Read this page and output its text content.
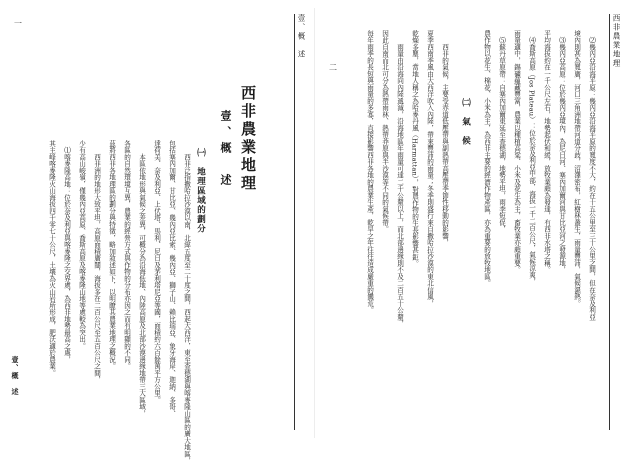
壹、概　述
一
西非農業地理
壹、概　述
㈠　地理區域的劃分
　　西非泛指撒哈拉沙漠以南，北緯五度至二十度之間，西起大西洋，東至查德湖與喀麥隆山區的廣大地區，
包括塞內加爾、甘比亞、幾內亞比索、幾內亞、獅子山、賴比瑞亞、象牙海岸、迦納、多哥、
達荷美、奈及利亞、上伏塔、馬利、尼日及茅利塔尼亞等國，面積約六百餘萬平方公里。
　　本區依地形與氣候之差異，可概分為沿海低地、內陸高原及北部沙漠邊緣地帶三大區域，
各區的自然環境互異，農業的經營方式與作物的分布亦因之而有明顯的不同。
茲將西非各地理區的劃分與特徵，略加敘述如下，以明瞭其農業地理之概況。
　　西非洲的地形大致平坦，高原面積廣闊，海拔多在二百公尺至五百公尺之間，
少有高山峻嶺，僅幾內亞高原、喬斯高原及喀麥隆山地等處較為突出。
　⑴喀麥隆高地：位於奈及利亞與喀麥隆之交界處，為西非地勢最高之處，
其主峰喀麥隆火山海拔四千零七十公尺，土壤為火山岩所形成，肥沃適於農業。
壹、概　述
西非農業地理
二	　⑵幾內亞沿海平原：幾內亞沿海平原的寬度不大，約在十五公里至三十公里之間，但在奈及利亞
境內則甚為寬廣，河口三角洲地帶河道分歧，沼澤密布，紅樹林叢生，雨量豐沛，氣候濕熱。
　⑶幾內亞高原：位於幾內亞境內，為尼日河、塞內加爾河與甘比亞河之發源地，
平均海拔約在一千公尺左右，地勢起伏和緩，放牧業頗為發達，有西非水塔之稱。
　⑷喬斯高原（Jos Plateau）：位於奈及利亞中部，海拔一千二百公尺，氣候涼爽，
雨量適中，錫礦蘊藏豐富，農業以種植高粱、小米及花生為主，畜牧業亦頗重要。
　⑸蘇丹草原帶：自塞內加爾東延至查德湖，地勢平坦，雨季短促，
農作物以花生、棉花、小米為主，為西非主要的經濟作物產區，亦為重要的放牧地區。
㈡　氣　候
　　西非的氣候，主要受赤道低壓帶與副熱帶高壓帶季節性移動的影響，
夏季西南季風由大西洋吹入內陸，帶來豐沛的雨量；冬季則盛行來自撒哈拉沙漠的東北信風，
乾燥多塵，當地人稱之為哈麥丹風（Harmattan），對農作物的生長影響甚鉅。
　　雨量由沿海向內陸遞減，沿海地區年雨量可達二千公釐以上，而北部邊緣則不及二百五十公釐，
因此自南而北可分為熱帶雨林、熱帶莽原與半沙漠等不同的氣候帶。
每年雨季的長短與雨量的多寡，直接影響西非各地的農業生產，乾旱之年往往造成嚴重的饑荒。
